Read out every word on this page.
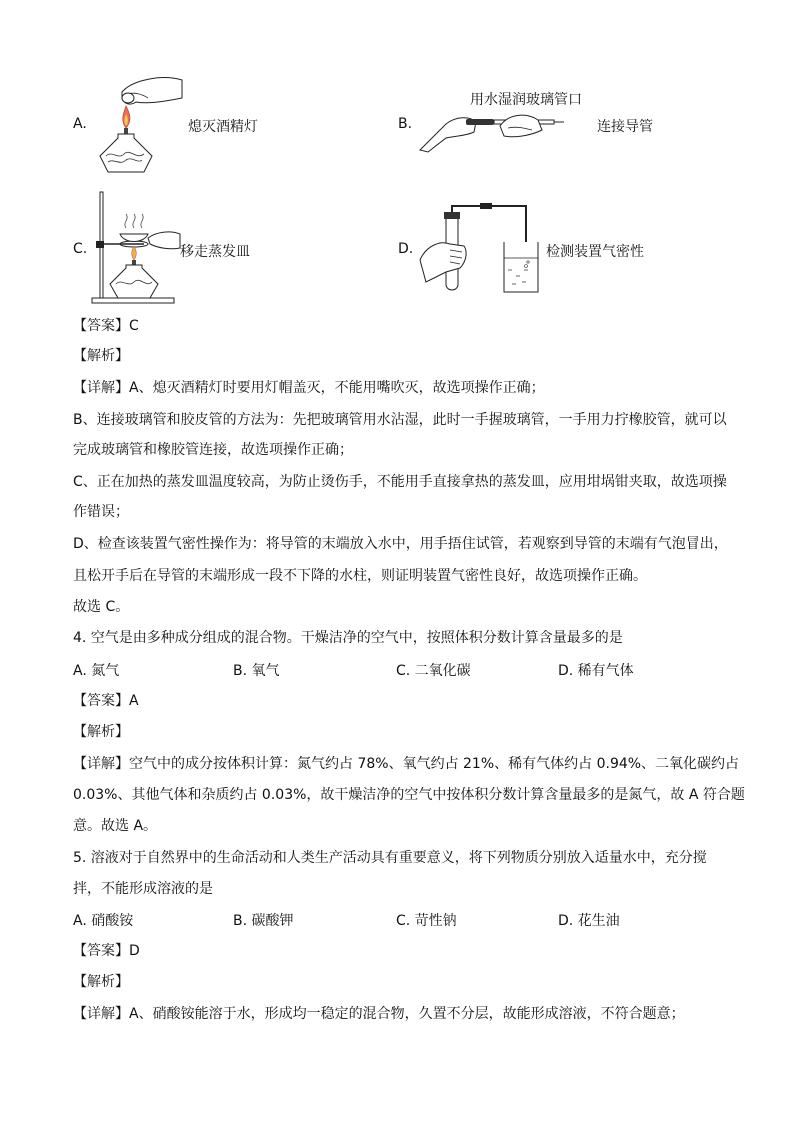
A.	熄灭酒精灯	B.
用水湿润玻璃管口
连接导管
C.	移走蒸发皿	D.	检测装置气密性
【答案】C
【解析】
【详解】A、熄灭酒精灯时要用灯帽盖灭，不能用嘴吹灭，故选项操作正确；
B、连接玻璃管和胶皮管的方法为：先把玻璃管用水沾湿，此时一手握玻璃管，一手用力拧橡胶管，就可以
完成玻璃管和橡胶管连接，故选项操作正确；
C、正在加热的蒸发皿温度较高，为防止烫伤手，不能用手直接拿热的蒸发皿，应用坩埚钳夹取，故选项操
作错误；
D、检查该装置气密性操作为：将导管的末端放入水中，用手捂住试管，若观察到导管的末端有气泡冒出，
且松开手后在导管的末端形成一段不下降的水柱，则证明装置气密性良好，故选项操作正确。
故选 C。
4. 空气是由多种成分组成的混合物。干燥洁净的空气中，按照体积分数计算含量最多的是
A. 氮气	B. 氧气	C. 二氧化碳	D. 稀有气体
【答案】A
【解析】
【详解】空气中的成分按体积计算：氮气约占 78%、氧气约占 21%、稀有气体约占 0.94%、二氧化碳约占
0.03%、其他气体和杂质约占 0.03%，故干燥洁净的空气中按体积分数计算含量最多的是氮气，故 A 符合题
意。故选 A。
5. 溶液对于自然界中的生命活动和人类生产活动具有重要意义，将下列物质分别放入适量水中，充分搅
拌，不能形成溶液的是
A. 硝酸铵	B. 碳酸钾	C. 苛性钠	D. 花生油
【答案】D
【解析】
【详解】A、硝酸铵能溶于水，形成均一稳定的混合物，久置不分层，故能形成溶液，不符合题意；
